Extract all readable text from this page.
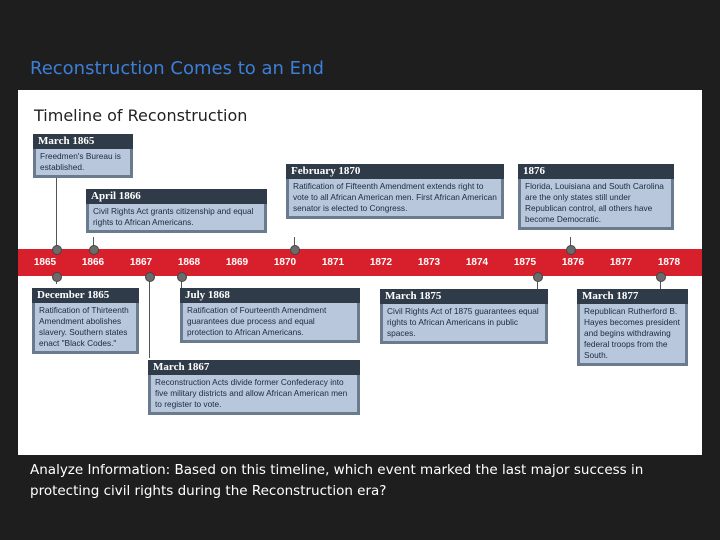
Reconstruction Comes to an End
Timeline of Reconstruction
1865	1866	1867	1868	1869	1870	1871	1872	1873	1874	1875	1876	1877	1878
March 1865
Freedmen's Bureau is established.
April 1866
Civil Rights Act grants citizenship and equal rights to African Americans.
February 1870
Ratification of Fifteenth Amendment extends right to vote to all African American men. First African American senator is elected to Congress.
1876
Florida, Louisiana and South Carolina are the only states still under Republican control, all others have become Democratic.
December 1865
Ratification of Thirteenth Amendment abolishes slavery. Southern states enact "Black Codes."
July 1868
Ratification of Fourteenth Amendment guarantees due process and equal protection to African Americans.
March 1867
Reconstruction Acts divide former Confederacy into five military districts and allow African American men to register to vote.
March 1875
Civil Rights Act of 1875 guarantees equal rights to African Americans in public spaces.
March 1877
Republican Rutherford B. Hayes becomes president and begins withdrawing federal troops from the South.
Analyze Information: Based on this timeline, which event marked the last major success in protecting civil rights during the Reconstruction era?
